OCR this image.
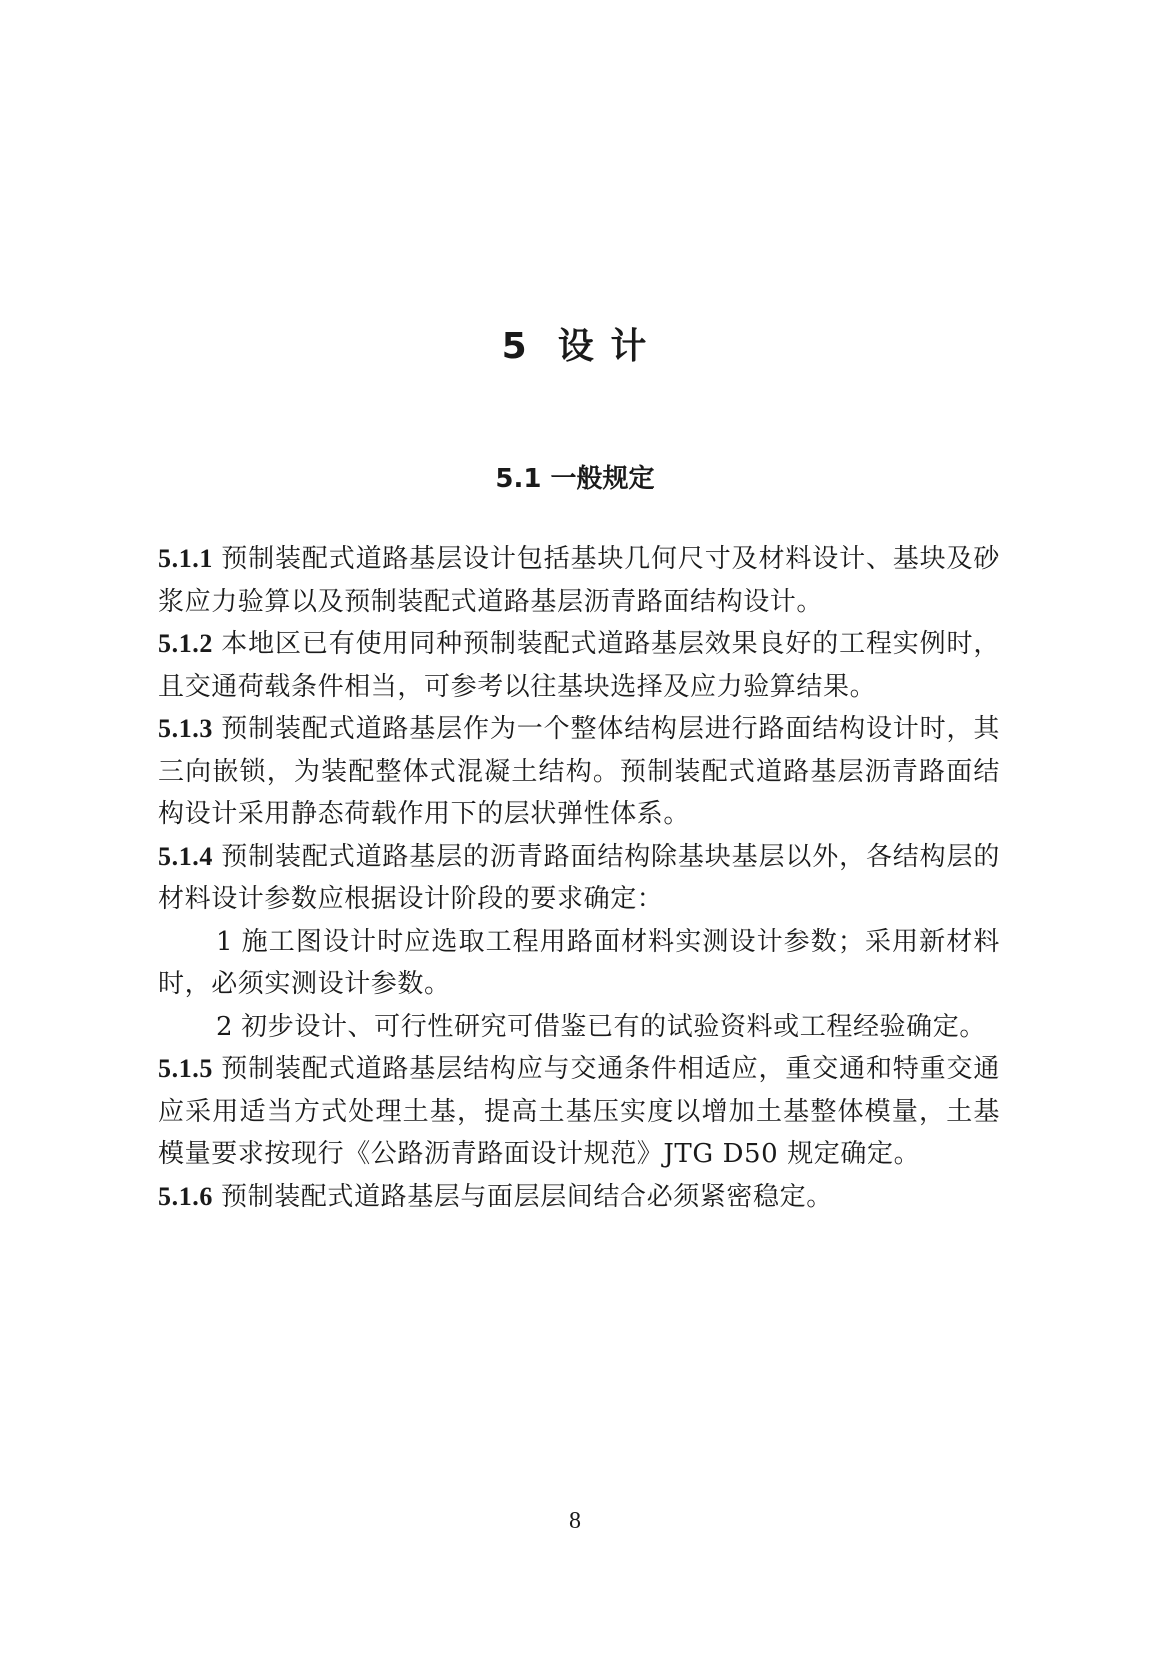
5 设 计
5.1 一般规定

5.1.1 预制装配式道路基层设计包括基块几何尺寸及材料设计、基块及砂浆应力验算以及预制装配式道路基层沥青路面结构设计。

5.1.2 本地区已有使用同种预制装配式道路基层效果良好的工程实例时，且交通荷载条件相当，可参考以往基块选择及应力验算结果。

5.1.3 预制装配式道路基层作为一个整体结构层进行路面结构设计时，其三向嵌锁，为装配整体式混凝土结构。预制装配式道路基层沥青路面结构设计采用静态荷载作用下的层状弹性体系。

5.1.4 预制装配式道路基层的沥青路面结构除基块基层以外，各结构层的材料设计参数应根据设计阶段的要求确定：

1 施工图设计时应选取工程用路面材料实测设计参数；采用新材料时，必须实测设计参数。

2 初步设计、可行性研究可借鉴已有的试验资料或工程经验确定。

5.1.5 预制装配式道路基层结构应与交通条件相适应，重交通和特重交通应采用适当方式处理土基，提高土基压实度以增加土基整体模量，土基模量要求按现行《公路沥青路面设计规范》JTG D50 规定确定。

5.1.6 预制装配式道路基层与面层层间结合必须紧密稳定。

8
